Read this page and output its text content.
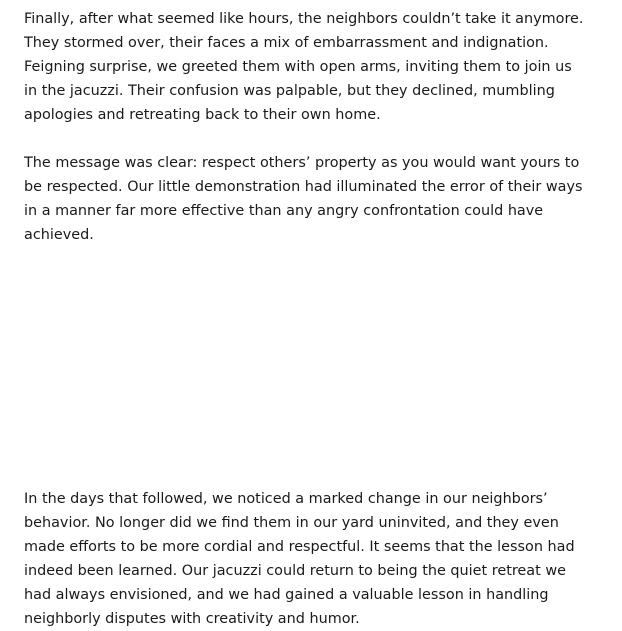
Finally, after what seemed like hours, the neighbors couldn’t take it anymore. They stormed over, their faces a mix of embarrassment and indignation. Feigning surprise, we greeted them with open arms, inviting them to join us in the jacuzzi. Their confusion was palpable, but they declined, mumbling apologies and retreating back to their own home.

The message was clear: respect others’ property as you would want yours to be respected. Our little demonstration had illuminated the error of their ways in a manner far more effective than any angry confrontation could have achieved.

In the days that followed, we noticed a marked change in our neighbors’ behavior. No longer did we find them in our yard uninvited, and they even made efforts to be more cordial and respectful. It seems that the lesson had indeed been learned. Our jacuzzi could return to being the quiet retreat we had always envisioned, and we had gained a valuable lesson in handling neighborly disputes with creativity and humor.
